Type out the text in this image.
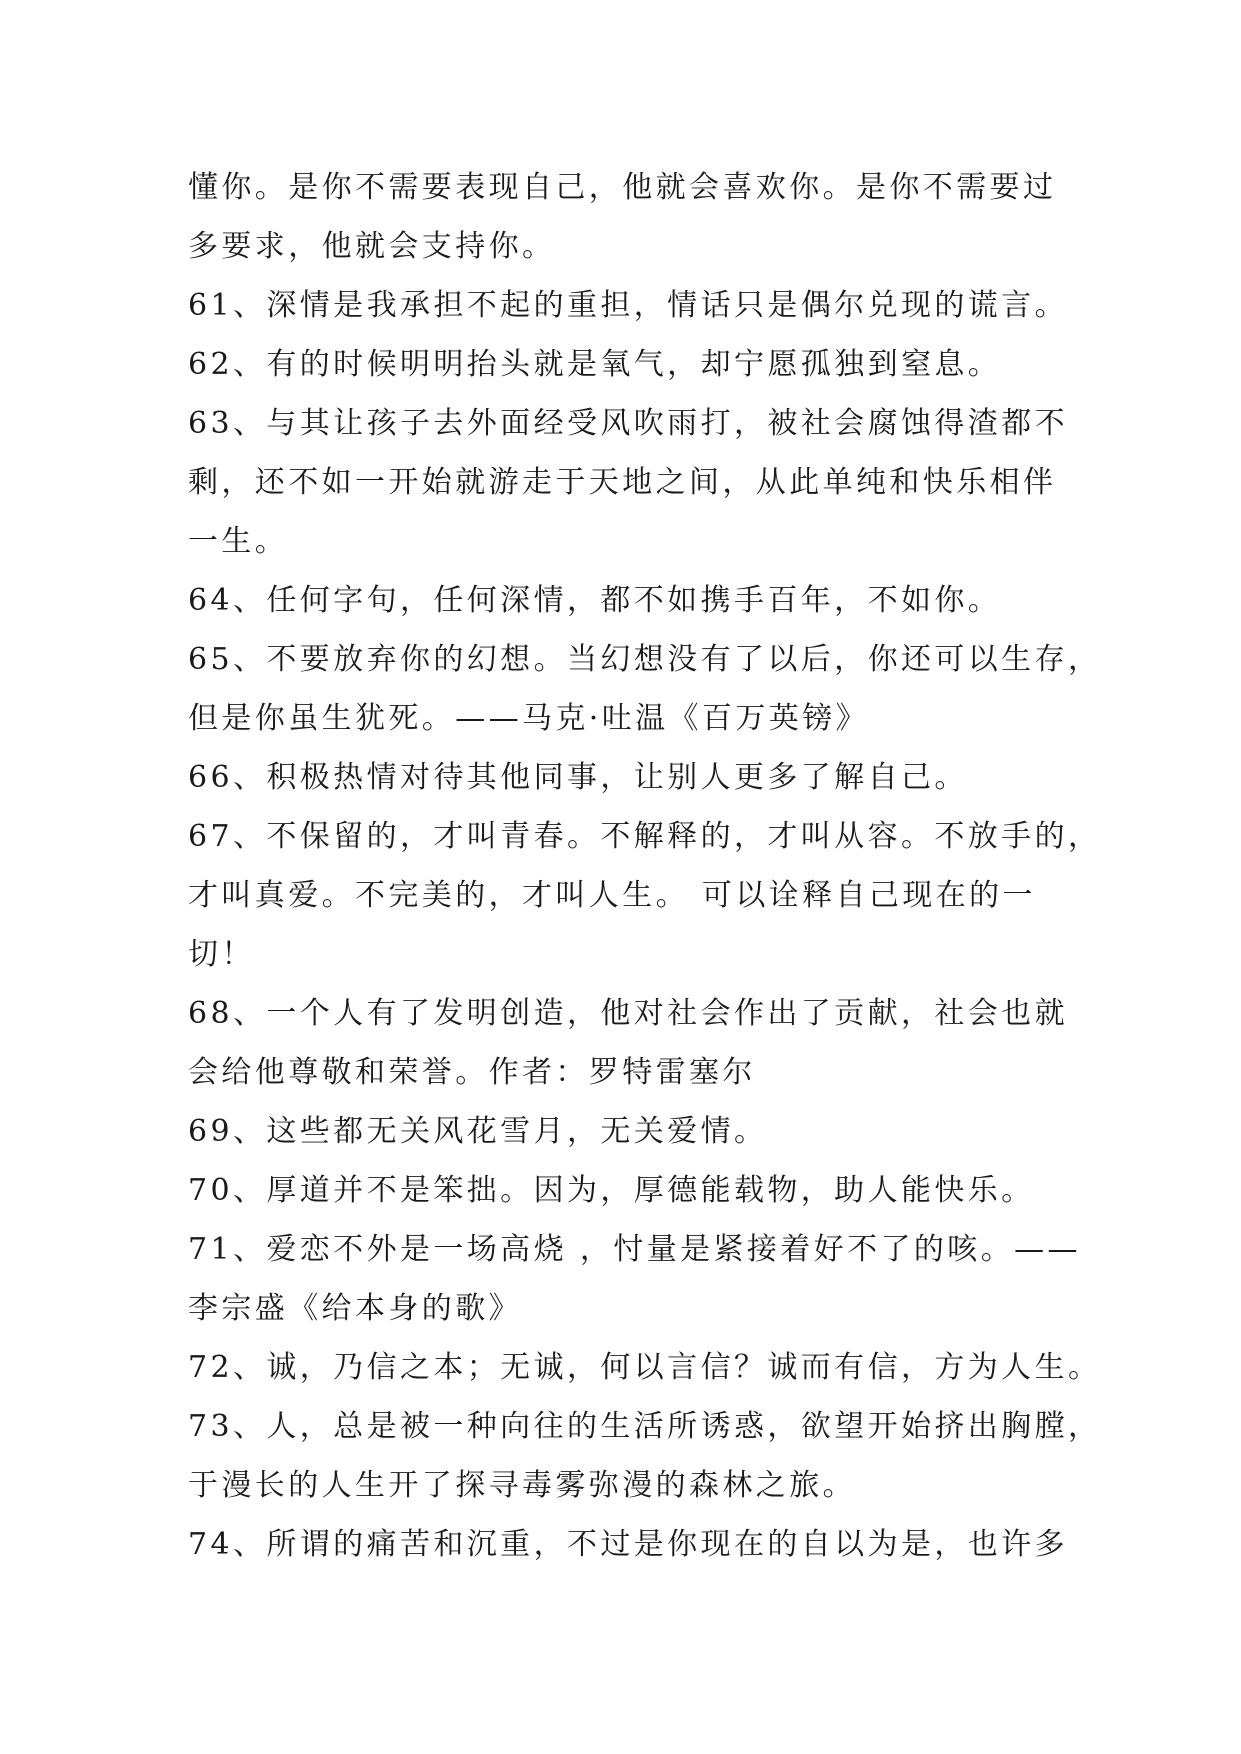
懂你。是你不需要表现自己，他就会喜欢你。是你不需要过
多要求，他就会支持你。
61、深情是我承担不起的重担，情话只是偶尔兑现的谎言。
62、有的时候明明抬头就是氧气，却宁愿孤独到窒息。
63、与其让孩子去外面经受风吹雨打，被社会腐蚀得渣都不
剩，还不如一开始就游走于天地之间，从此单纯和快乐相伴
一生。
64、任何字句，任何深情，都不如携手百年，不如你。
65、不要放弃你的幻想。当幻想没有了以后，你还可以生存，
但是你虽生犹死。——马克·吐温《百万英镑》
66、积极热情对待其他同事，让别人更多了解自己。
67、不保留的，才叫青春。不解释的，才叫从容。不放手的，
才叫真爱。不完美的，才叫人生。 可以诠释自己现在的一
切！
68、一个人有了发明创造，他对社会作出了贡献，社会也就
会给他尊敬和荣誉。作者：罗特雷塞尔
69、这些都无关风花雪月，无关爱情。
70、厚道并不是笨拙。因为，厚德能载物，助人能快乐。
71、爱恋不外是一场高烧 ，忖量是紧接着好不了的咳。——
李宗盛《给本身的歌》
72、诚，乃信之本；无诚，何以言信？诚而有信，方为人生。
73、人，总是被一种向往的生活所诱惑，欲望开始挤出胸膛，
于漫长的人生开了探寻毒雾弥漫的森林之旅。
74、所谓的痛苦和沉重，不过是你现在的自以为是，也许多
